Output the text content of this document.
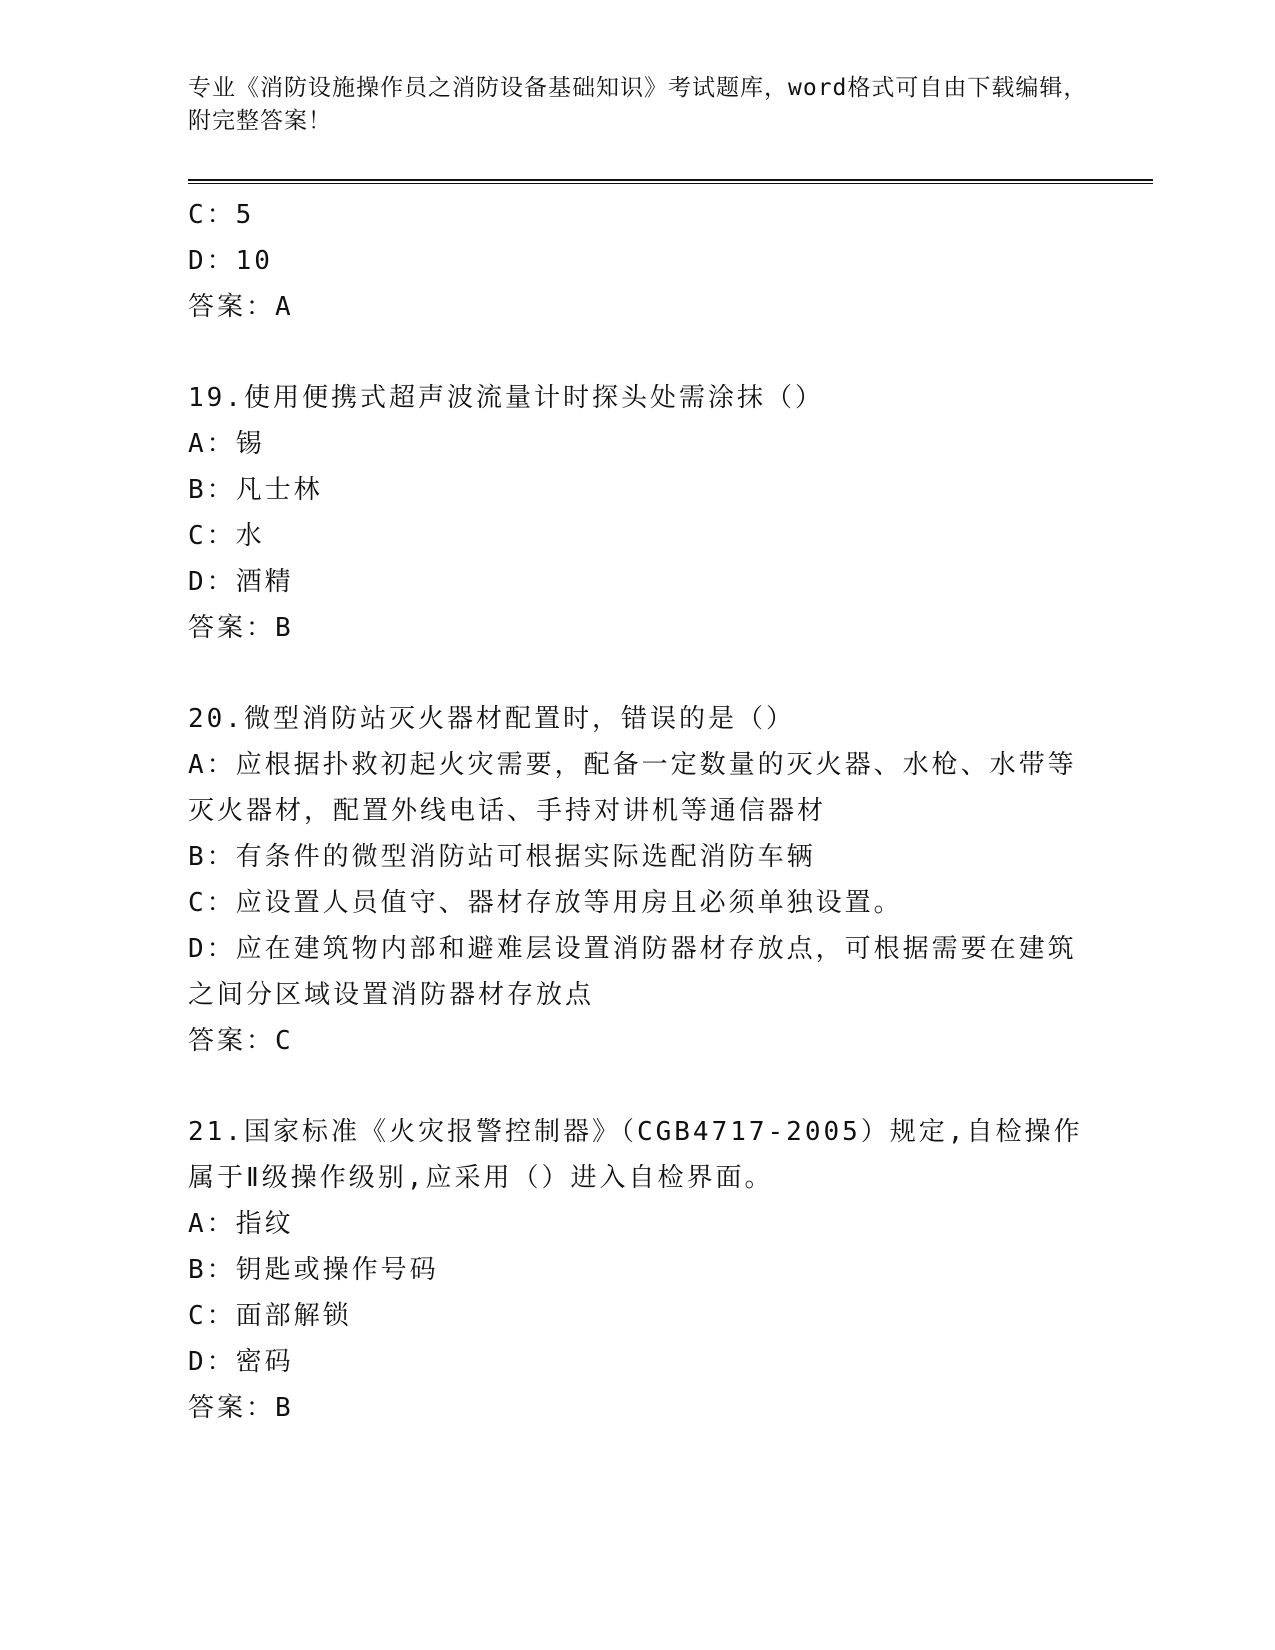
专业《消防设施操作员之消防设备基础知识》考试题库，word格式可自由下载编辑，附完整答案！
C：5
D：10
答案：A
19.使用便携式超声波流量计时探头处需涂抹（）
A：锡
B：凡士林
C：水
D：酒精
答案：B
20.微型消防站灭火器材配置时，错误的是（）
A：应根据扑救初起火灾需要，配备一定数量的灭火器、水枪、水带等灭火器材，配置外线电话、手持对讲机等通信器材
B：有条件的微型消防站可根据实际选配消防车辆
C：应设置人员值守、器材存放等用房且必须单独设置。
D：应在建筑物内部和避难层设置消防器材存放点，可根据需要在建筑之间分区域设置消防器材存放点
答案：C
21.国家标准《火灾报警控制器》（CGB4717-2005）规定,自检操作属于Ⅱ级操作级别,应采用（）进入自检界面。
A：指纹
B：钥匙或操作号码
C：面部解锁
D：密码
答案：B
